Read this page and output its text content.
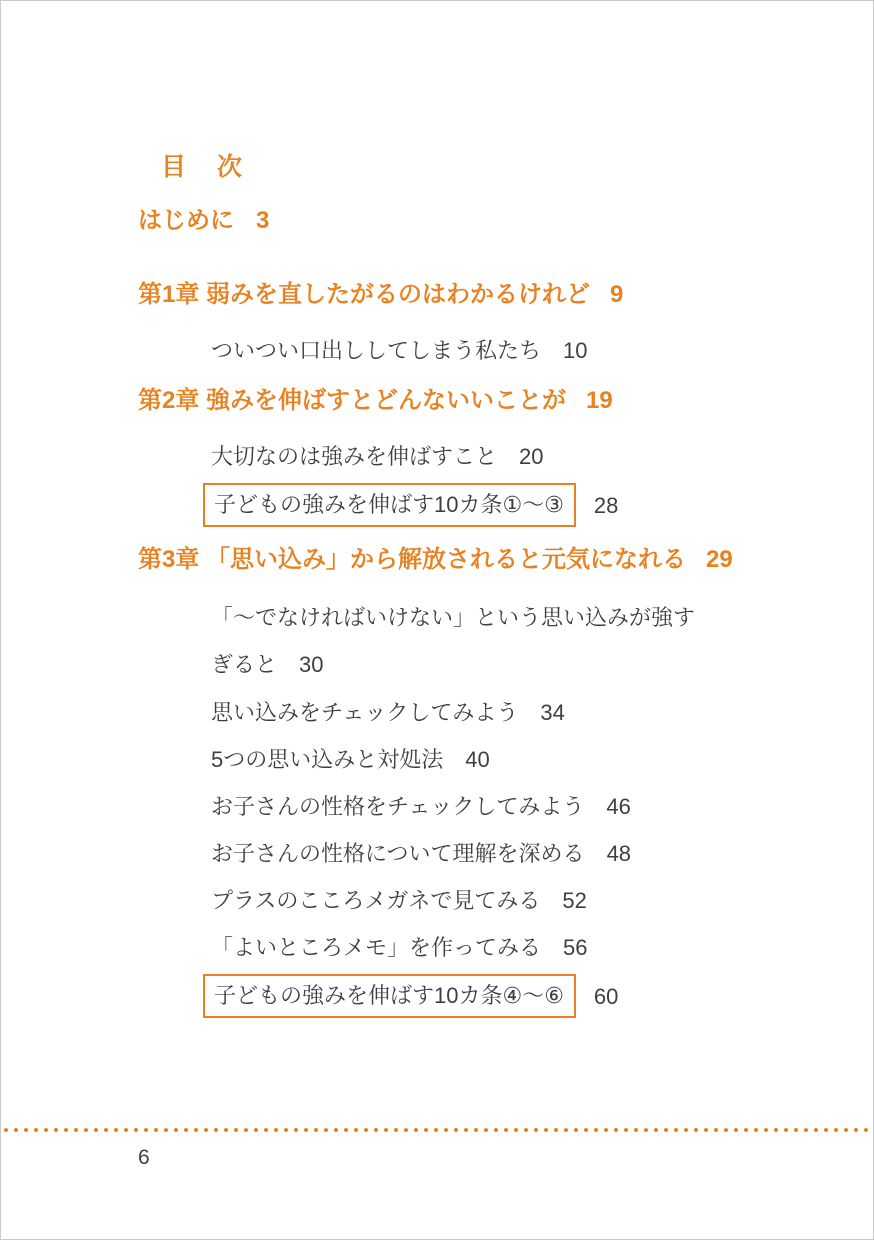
目　次
はじめに 3
第1章 弱みを直したがるのはわかるけれど 9
ついつい口出ししてしまう私たち 10
第2章 強みを伸ばすとどんないいことが 19
大切なのは強みを伸ばすこと 20
子どもの強みを伸ばす10カ条①〜③	28
第3章 「思い込み」から解放されると元気になれる 29
「〜でなければいけない」という思い込みが強す
ぎると 30
思い込みをチェックしてみよう 34
5つの思い込みと対処法 40
お子さんの性格をチェックしてみよう 46
お子さんの性格について理解を深める 48
プラスのこころメガネで見てみる 52
「よいところメモ」を作ってみる 56
子どもの強みを伸ばす10カ条④〜⑥	60
6
